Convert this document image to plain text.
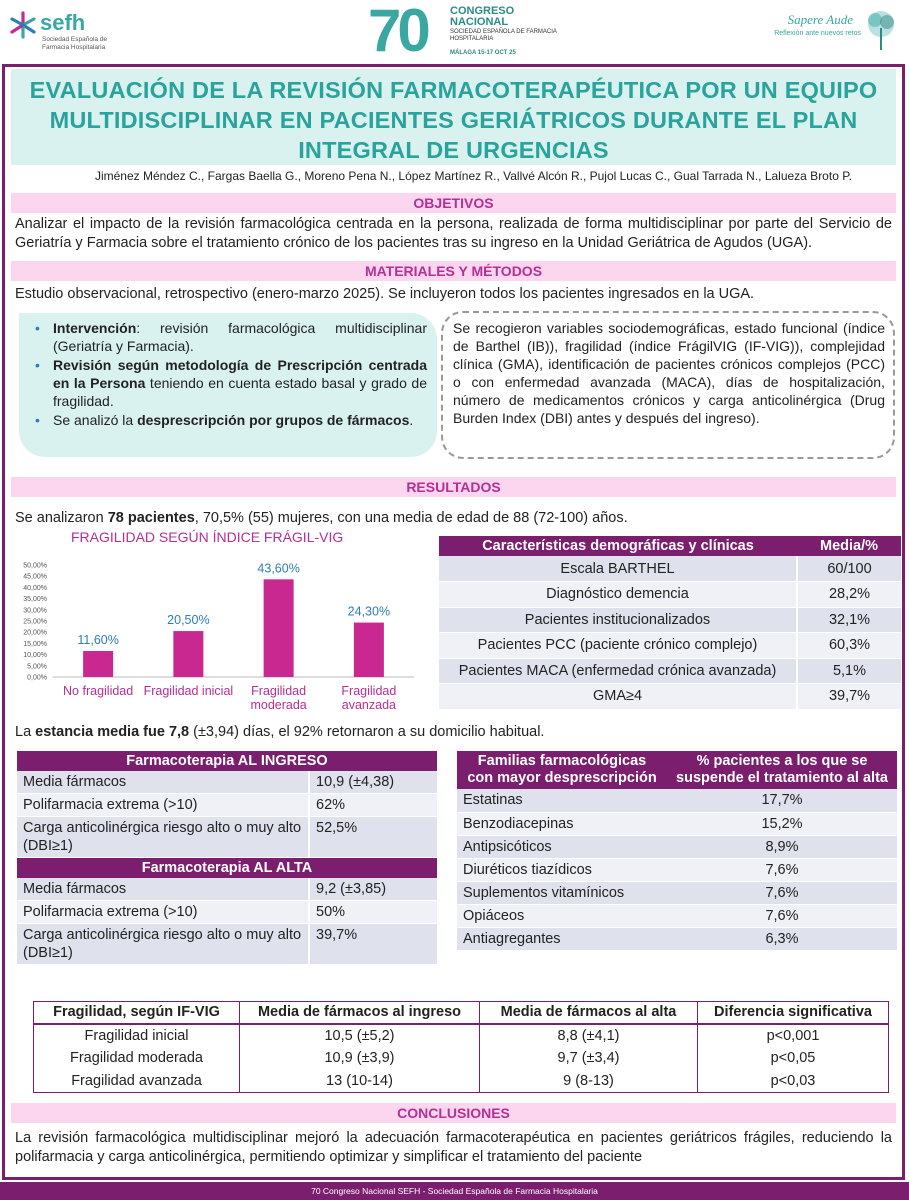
sefh
Sociedad Española de Farmacia Hospitalaria	70 CONGRESO
NACIONAL
SOCIEDAD ESPAÑOLA DE FARMACIA HOSPITALARIA
MÁLAGA 15-17 OCT 25
Sapere Aude
Reflexión ante nuevos retos
EVALUACIÓN DE LA REVISIÓN FARMACOTERAPÉUTICA POR UN EQUIPO MULTIDISCIPLINAR EN PACIENTES GERIÁTRICOS DURANTE EL PLAN INTEGRAL DE URGENCIAS
Jiménez Méndez C., Fargas Baella G., Moreno Pena N., López Martínez R., Vallvé Alcón R., Pujol Lucas C., Gual Tarrada N., Lalueza Broto P.
OBJETIVOS
Analizar el impacto de la revisión farmacológica centrada en la persona, realizada de forma multidisciplinar por parte del Servicio de Geriatría y Farmacia sobre el tratamiento crónico de los pacientes tras su ingreso en la Unidad Geriátrica de Agudos (UGA).
MATERIALES Y MÉTODOS
Estudio observacional, retrospectivo (enero-marzo 2025). Se incluyeron todos los pacientes ingresados en la UGA.
• Intervención: revisión farmacológica multidisciplinar (Geriatría y Farmacia).
• Revisión según metodología de Prescripción centrada en la Persona teniendo en cuenta estado basal y grado de fragilidad.
• Se analizó la desprescripción por grupos de fármacos.
Se recogieron variables sociodemográficas, estado funcional (índice de Barthel (IB)), fragilidad (índice FrágilVIG (IF-VIG)), complejidad clínica (GMA), identificación de pacientes crónicos complejos (PCC) o con enfermedad avanzada (MACA), días de hospitalización, número de medicamentos crónicos y carga anticolinérgica (Drug Burden Index (DBI) antes y después del ingreso).
RESULTADOS
Se analizaron 78 pacientes, 70,5% (55) mujeres, con una media de edad de 88 (72-100) años.
FRAGILIDAD SEGÚN ÍNDICE FRÁGIL-VIG
0,00%
5,00%
10,00%
15,00%
20,00%
25,00%
30,00%
35,00%
40,00%
45,00%
50,00%
11,60%
No fragilidad
20,50%
Fragilidad inicial
43,60%
Fragilidad
moderada
24,30%
Fragilidad
avanzada
Características demográficas y clínicas	Media/%
Escala BARTHEL	60/100
Diagnóstico demencia	28,2%
Pacientes institucionalizados	32,1%
Pacientes PCC (paciente crónico complejo)	60,3%
Pacientes MACA (enfermedad crónica avanzada)	5,1%
GMA≥4	39,7%
La estancia media fue 7,8 (±3,94) días, el 92% retornaron a su domicilio habitual.
Farmacoterapia AL INGRESO	
Media fármacos	10,9 (±4,38)
Polifarmacia extrema (>10)	62%
Carga anticolinérgica riesgo alto o muy alto (DBI≥1)	52,5%
Farmacoterapia AL ALTA	
Media fármacos	9,2 (±3,85)
Polifarmacia extrema (>10)	50%
Carga anticolinérgica riesgo alto o muy alto (DBI≥1)	39,7%
Familias farmacológicas con mayor desprescripción	% pacientes a los que se suspende el tratamiento al alta
Estatinas	17,7%
Benzodiacepinas	15,2%
Antipsicóticos	8,9%
Diuréticos tiazídicos	7,6%
Suplementos vitamínicos	7,6%
Opiáceos	7,6%
Antiagregantes	6,3%
Fragilidad, según IF-VIG	Media de fármacos al ingreso	Media de fármacos al alta	Diferencia significativa
Fragilidad inicial	10,5 (±5,2)	8,8 (±4,1)	p<0,001
Fragilidad moderada	10,9 (±3,9)	9,7 (±3,4)	p<0,05
Fragilidad avanzada	13 (10-14)	9 (8-13)	p<0,03
CONCLUSIONES
La revisión farmacológica multidisciplinar mejoró la adecuación farmacoterapéutica en pacientes geriátricos frágiles, reduciendo la polifarmacia y carga anticolinérgica, permitiendo optimizar y simplificar el tratamiento del paciente
70 Congreso Nacional SEFH - Sociedad Española de Farmacia Hospitalaria
